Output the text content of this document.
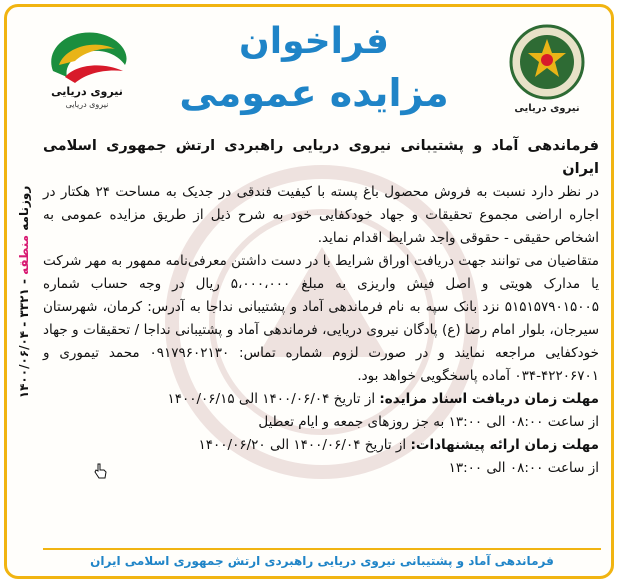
روزنامه منطقه - ۳۳۲۱ - ۱۴۰۰/۰۶/۰۴
نیروی دریایی
نیروی دریایی
فراخوان
مزایده عمومی	نیروی دریایی

فرماندهی آماد و پشتیبانی نیروی دریایی راهبردی ارتش جمهوری اسلامی ایران

در نظر دارد نسبت به فروش محصول باغ پسته با کیفیت فندقی در جدیک به مساحت ۲۴ هکتار در اجاره اراضی مجموع تحقیقات و جهاد خودکفایی خود به شرح ذیل از طریق مزایده عمومی به اشخاص حقیقی - حقوقی واجد شرایط اقدام نماید.

متقاضیان می توانند جهت دریافت اوراق شرایط با در دست داشتن معرفی‌نامه ممهور به مهر شرکت یا مدارک هویتی و اصل فیش واریزی به مبلغ ۵،۰۰۰،۰۰۰ ریال در وجه حساب شماره ۵۱۵۱۵۷۹۰۱۵۰۰۵ نزد بانک سپه به نام فرماندهی آماد و پشتیبانی نداجا به آدرس: کرمان، شهرستان سیرجان، بلوار امام رضا (ع) پادگان نیروی دریایی، فرماندهی آماد و پشتیبانی نداجا / تحقیقات و جهاد خودکفایی مراجعه نمایند و در صورت لزوم شماره تماس: ۰۹۱۷۹۶۰۲۱۳۰ محمد تیموری و ۴۲۲۰۶۷۰۱-۰۳۴ آماده پاسخگویی خواهد بود.

مهلت زمان دریافت اسناد مزایده: از تاریخ ۱۴۰۰/۰۶/۰۴ الی ۱۴۰۰/۰۶/۱۵

از ساعت ۰۸:۰۰ الی ۱۳:۰۰ به جز روزهای جمعه و ایام تعطیل

مهلت زمان ارائه پیشنهادات: از تاریخ ۱۴۰۰/۰۶/۰۴ الی ۱۴۰۰/۰۶/۲۰

از ساعت ۰۸:۰۰ الی ۱۳:۰۰

فرماندهی آماد و پشتیبانی نیروی دریایی راهبردی ارتش جمهوری اسلامی ایران
